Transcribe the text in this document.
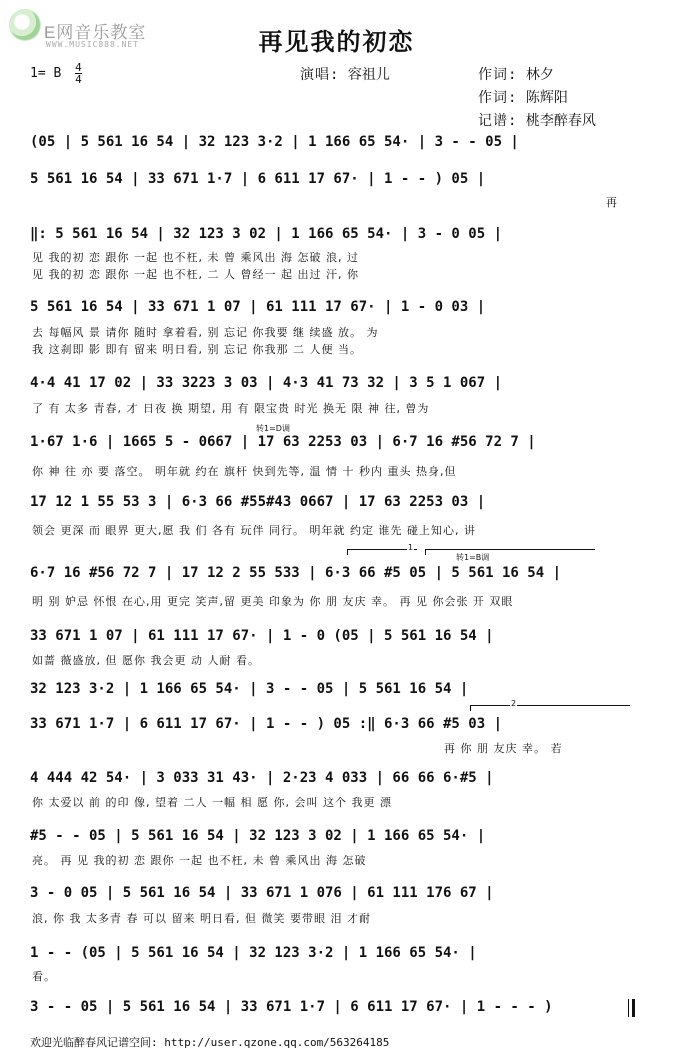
E网音乐教室
WWW.MUSIC888.NET	再见我的初恋
1= B $\frac{4}{4}$	演唱: 容祖儿	作词: 林夕
作词: 陈辉阳
记谱: 桃李醉春风
(05 | 5 561 16 54 | 32 123 3·2 | 1 166 65 54· | 3 - - 05 |
5 561 16 54 | 33 671 1·7 | 6 611 17 67· | 1 - - ) 05 |
再
‖: 5 561 16 54 | 32 123 3 02 | 1 166 65 54· | 3 - 0 05 |
见 我的初 恋 跟你 一起 也不枉, 未 曾 乘风出 海 怎破 浪, 过
见 我的初 恋 跟你 一起 也不枉, 二 人 曾经一 起 出过 汗, 你
5 561 16 54 | 33 671 1 07 | 61 111 17 67· | 1 - 0 03 |
去 每幅风 景 请你 随时 拿着看, 别 忘记 你我要 继 续盛 放。 为
我 这刹即 影 即有 留来 明日看, 别 忘记 你我那 二 人便 当。
4·4 41 17 02 | 33 3223 3 03 | 4·3 41 73 32 | 3 5 1 067 |
了 有 太多 青春, 才 日夜 换 期望, 用 有 限宝贵 时光 换无 限 神 往, 曾为
转1=D调
1·67 1·6 | 1665 5 - 0667 | 17 63 2253 03 | 6·7 16 #56 72 7 |
你 神 往 亦 要 落空。 明年就 约在 旗杆 快到先等, 温 情 十 秒内 重头 热身,但
17 12 1 55 53 3 | 6·3 66 #55#43 0667 | 17 63 2253 03 |
领会 更深 而 眼界 更大,愿 我 们 各有 玩伴 同行。 明年就 约定 谁先 碰上知心, 讲
1
转1=B调
6·7 16 #56 72 7 | 17 12 2 55 533 | 6·3 66 #5 05 | 5 561 16 54 |
明 别 妒忌 怀恨 在心,用 更完 笑声,留 更美 印象为 你 朋 友庆 幸。 再 见 你会张 开 双眼
33 671 1 07 | 61 111 17 67· | 1 - 0 (05 | 5 561 16 54 |
如蔷 薇盛放, 但 愿你 我会更 动 人耐 看。
32 123 3·2 | 1 166 65 54· | 3 - - 05 | 5 561 16 54 |
2
33 671 1·7 | 6 611 17 67· | 1 - - ) 05 :‖ 6·3 66 #5 03 |
再 你 朋 友庆 幸。 若
4 444 42 54· | 3 033 31 43· | 2·23 4 033 | 66 66 6·#5 |
你 太爱以 前 的印 像, 望着 二人 一幅 相 愿 你, 会叫 这个 我更 漂
#5 - - 05 | 5 561 16 54 | 32 123 3 02 | 1 166 65 54· |
亮。 再 见 我的初 恋 跟你 一起 也不枉, 未 曾 乘风出 海 怎破
3 - 0 05 | 5 561 16 54 | 33 671 1 076 | 61 111 176 67 |
浪, 你 我 太多青 春 可以 留来 明日看, 但 微笑 要带眼 泪 才耐
1 - - (05 | 5 561 16 54 | 32 123 3·2 | 1 166 65 54· |
看。
3 - - 05 | 5 561 16 54 | 33 671 1·7 | 6 611 17 67· | 1 - - - )
欢迎光临醉春风记谱空间: http://user.qzone.qq.com/563264185
